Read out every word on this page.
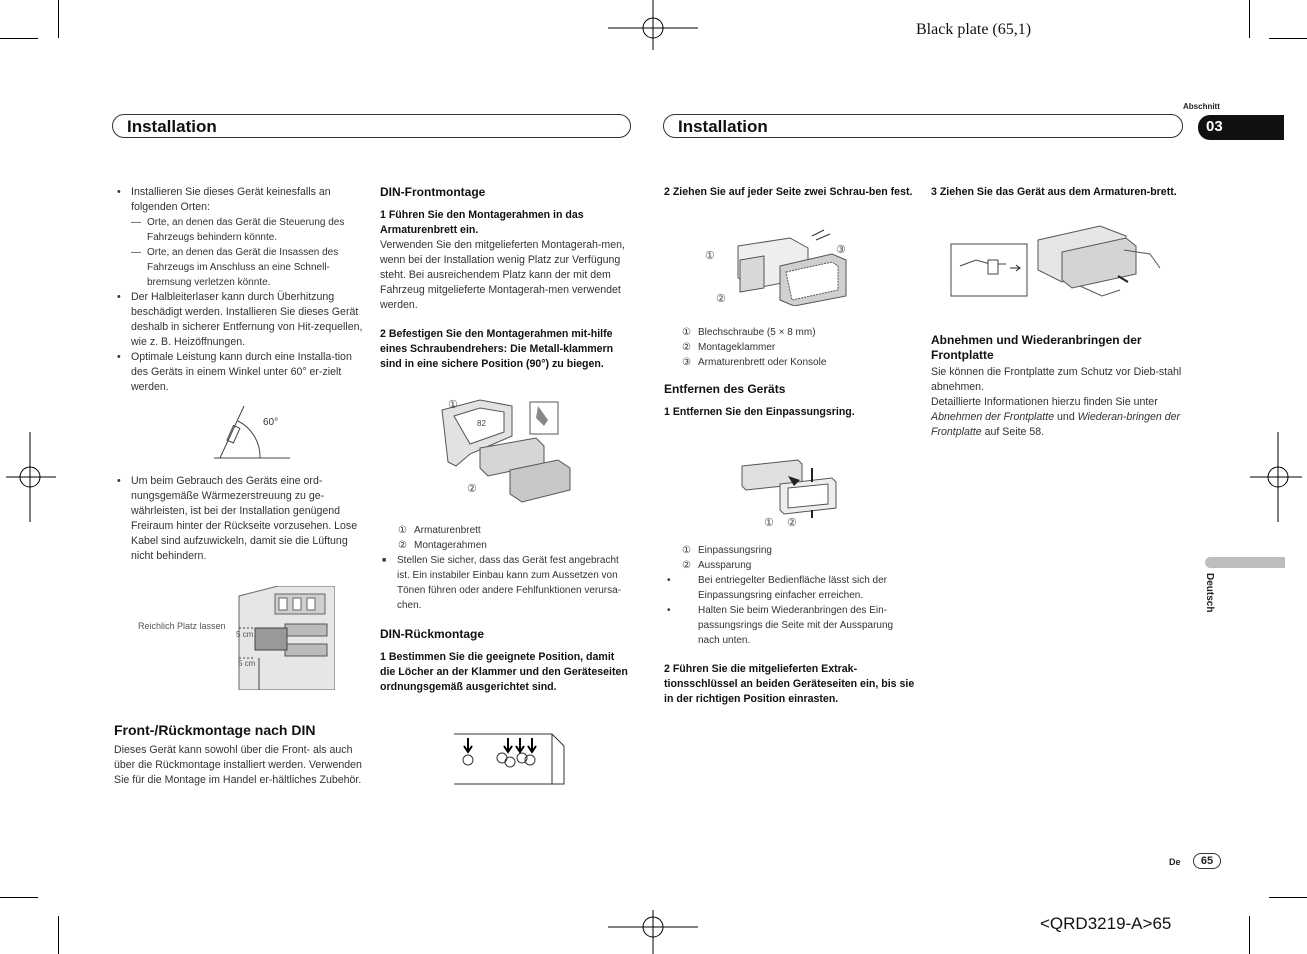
Black plate (65,1)
<QRD3219-A>65
Installation	Installation
Abschnitt
03
Deutsch
De	65

• Installieren Sie dieses Gerät keinesfalls an folgenden Orten:

— Orte, an denen das Gerät die Steuerung des Fahrzeugs behindern könnte.

— Orte, an denen das Gerät die Insassen des Fahrzeugs im Anschluss an eine Schnell-bremsung verletzen könnte.

• Der Halbleiterlaser kann durch Überhitzung beschädigt werden. Installieren Sie dieses Gerät deshalb in sicherer Entfernung von Hit-zequellen, wie z. B. Heizöffnungen.

• Optimale Leistung kann durch eine Installa-tion des Geräts in einem Winkel unter 60° er-zielt werden.

60°

• Um beim Gebrauch des Geräts eine ord-nungsgemäße Wärmezerstreuung zu ge-währleisten, ist bei der Installation genügend Freiraum hinter der Rückseite vorzusehen. Lose Kabel sind aufzuwickeln, damit sie die Lüftung nicht behindern.

Reichlich Platz lassen
5 cm
5 cm
Front-/Rückmontage nach DIN

Dieses Gerät kann sowohl über die Front- als auch über die Rückmontage installiert werden. Verwenden Sie für die Montage im Handel er-hältliches Zubehör.

DIN-Frontmontage

1 Führen Sie den Montagerahmen in das Armaturenbrett ein.

Verwenden Sie den mitgelieferten Montagerah-men, wenn bei der Installation wenig Platz zur Verfügung steht. Bei ausreichendem Platz kann der mit dem Fahrzeug mitgelieferte Montagerah-men verwendet werden.

2 Befestigen Sie den Montagerahmen mit-hilfe eines Schraubendrehers: Die Metall-klammern sind in eine sichere Position (90°) zu biegen.

①
②
82

① Armaturenbrett

② Montagerahmen

■ Stellen Sie sicher, dass das Gerät fest angebracht ist. Ein instabiler Einbau kann zum Aussetzen von Tönen führen oder andere Fehlfunktionen verursa-chen.

DIN-Rückmontage

1 Bestimmen Sie die geeignete Position, damit die Löcher an der Klammer und den Geräteseiten ordnungsgemäß ausgerichtet sind.

2 Ziehen Sie auf jeder Seite zwei Schrau-ben fest.

①
②
③

① Blechschraube (5 × 8 mm)

② Montageklammer

③ Armaturenbrett oder Konsole

Entfernen des Geräts

1 Entfernen Sie den Einpassungsring.

① ②

① Einpassungsring

② Aussparung

• Bei entriegelter Bedienfläche lässt sich der Einpassungsring einfacher erreichen.

• Halten Sie beim Wiederanbringen des Ein-passungsrings die Seite mit der Aussparung nach unten.

2 Führen Sie die mitgelieferten Extrak-tionsschlüssel an beiden Geräteseiten ein, bis sie in der richtigen Position einrasten.

3 Ziehen Sie das Gerät aus dem Armaturen-brett.

Abnehmen und Wiederanbringen der Frontplatte

Sie können die Frontplatte zum Schutz vor Dieb-stahl abnehmen.

Detaillierte Informationen hierzu finden Sie unter Abnehmen der Frontplatte und Wiederan-bringen der Frontplatte auf Seite 58.
